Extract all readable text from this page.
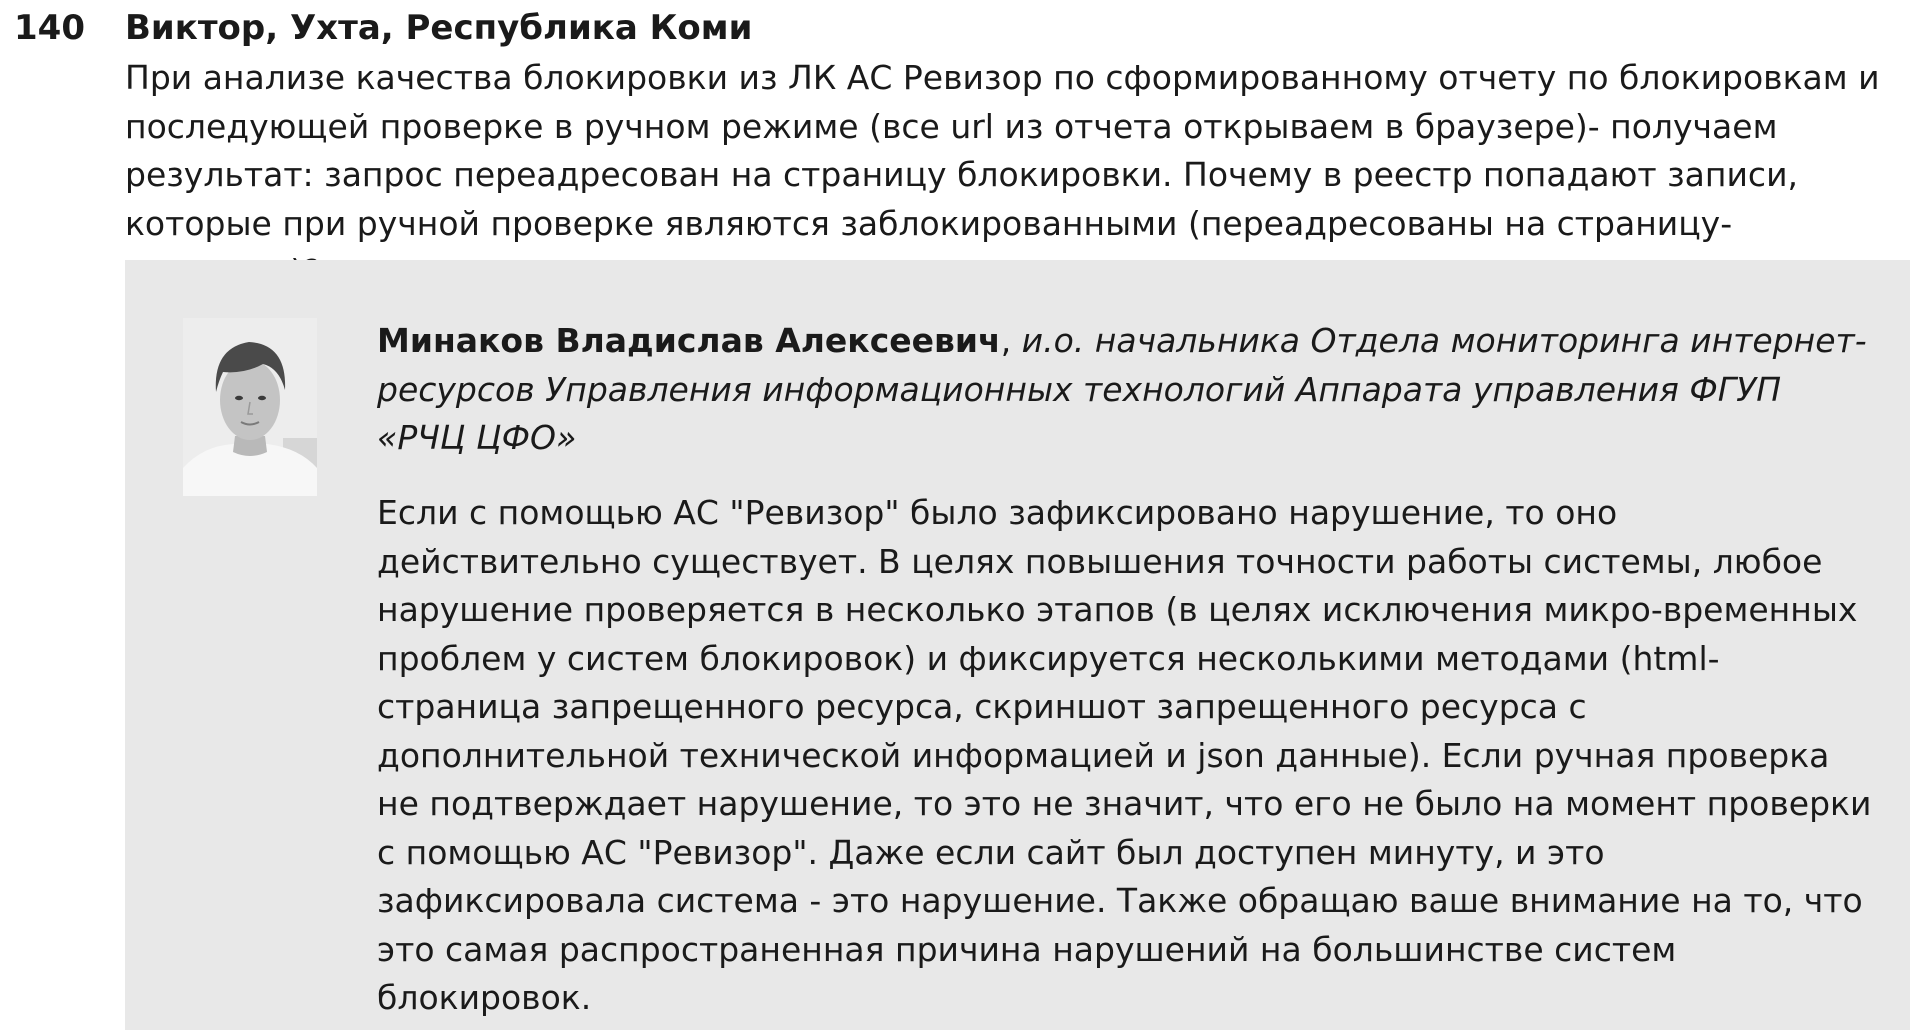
140 Виктор, Ухта, Республика Коми

При анализе качества блокировки из ЛК АС Ревизор по сформированному отчету по блокировкам и последующей проверке в ручном режиме (все url из отчета открываем в браузере)- получаем результат: запрос переадресован на страницу блокировки. Почему в реестр попадают записи, которые при ручной проверке являются заблокированными (переадресованы на страницу-

Минаков Владислав Алексеевич, и.о. начальника Отдела мониторинга интернет-ресурсов Управления информационных технологий Аппарата управления ФГУП «РЧЦ ЦФО»

Если с помощью АС "Ревизор" было зафиксировано нарушение, то оно действительно существует. В целях повышения точности работы системы, любое нарушение проверяется в несколько этапов (в целях исключения микро-временных проблем у систем блокировок) и фиксируется несколькими методами (html-страница запрещенного ресурса, скриншот запрещенного ресурса с дополнительной технической информацией и json данные). Если ручная проверка не подтверждает нарушение, то это не значит, что его не было на момент проверки с помощью АС "Ревизор". Даже если сайт был доступен минуту, и это зафиксировала система - это нарушение. Также обращаю ваше внимание на то, что это самая распространенная причина нарушений на большинстве систем блокировок.
